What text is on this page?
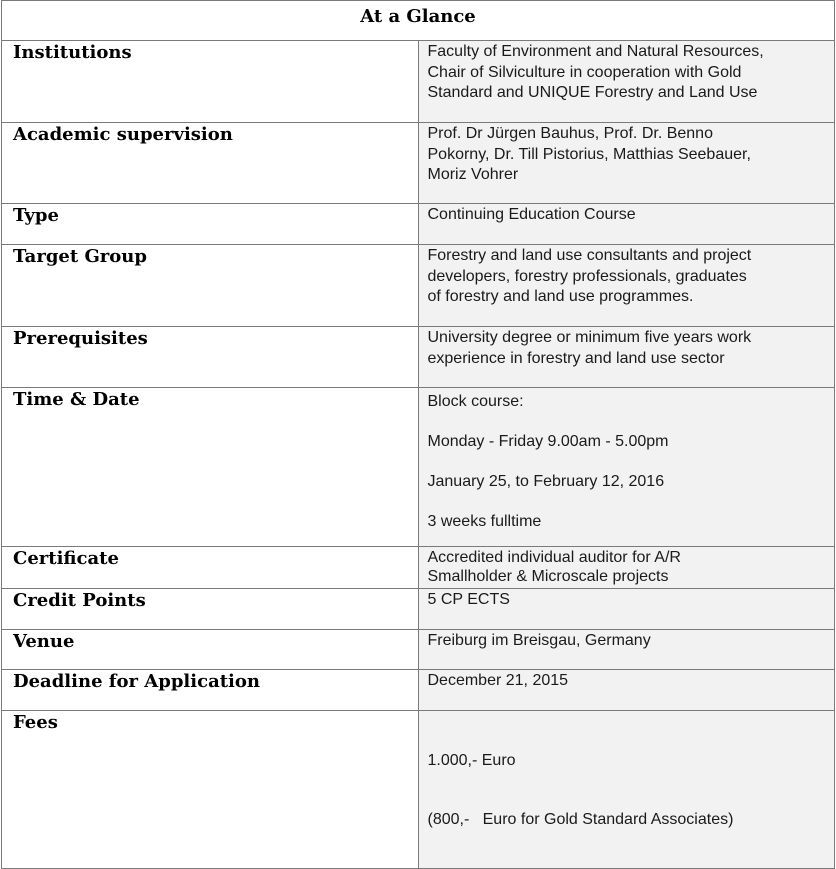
At a Glance	
Institutions	Faculty of Environment and Natural Resources,
Chair of Silviculture in cooperation with Gold
Standard and UNIQUE Forestry and Land Use

Academic supervision	Prof. Dr Jürgen Bauhus, Prof. Dr. Benno
Pokorny, Dr. Till Pistorius, Matthias Seebauer,
Moriz Vohrer

Type	Continuing Education Course

Target Group	Forestry and land use consultants and project
developers, forestry professionals, graduates
of forestry and land use programmes.

Prerequisites	University degree or minimum five years work
experience in forestry and land use sector

Time & Date	Block course:
Monday - Friday 9.00am - 5.00pm
January 25, to February 12, 2016
3 weeks fulltime

Certificate	Accredited individual auditor for A/R
Smallholder & Microscale projects

Credit Points	5 CP ECTS

Venue	Freiburg im Breisgau, Germany

Deadline for Application	December 21, 2015

Fees	1.000,- Euro

(800,-   Euro for Gold Standard Associates)
